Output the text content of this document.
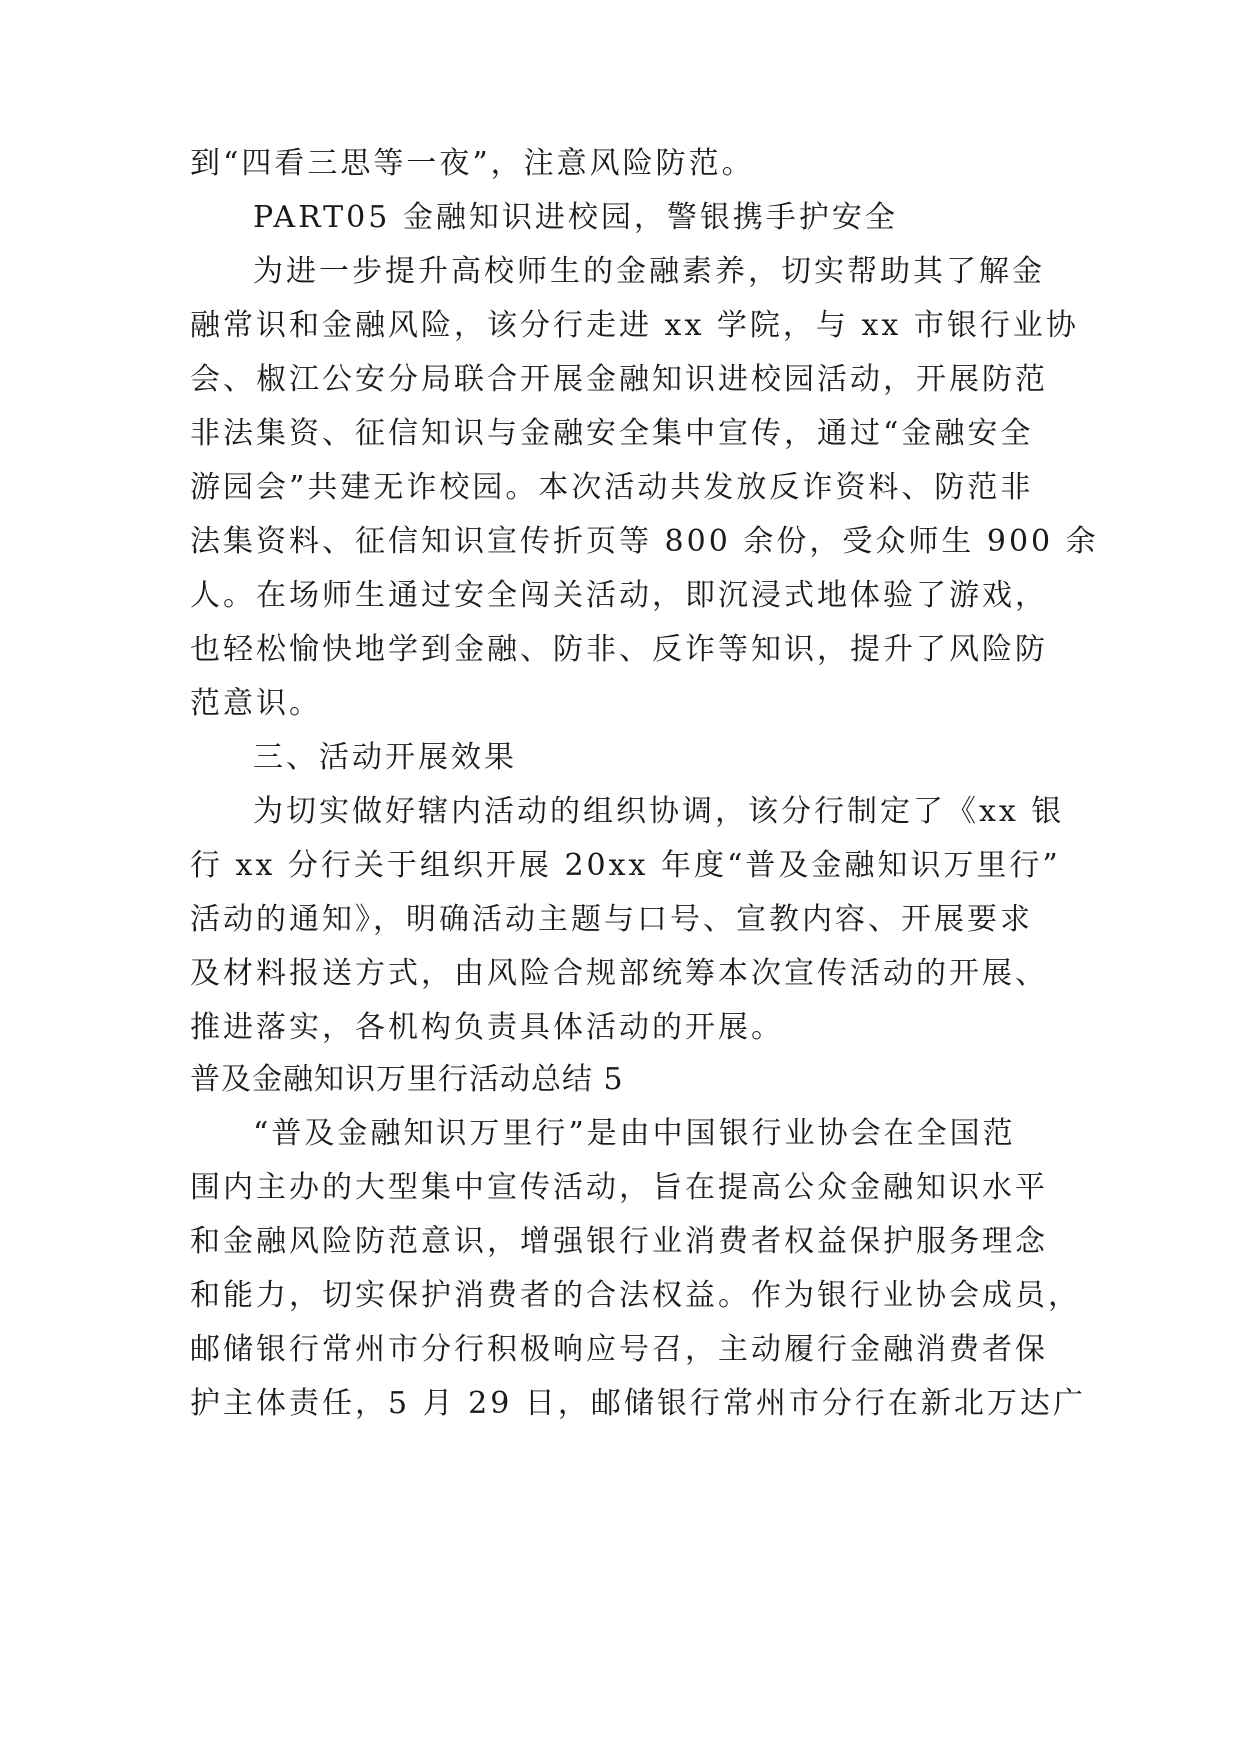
到“四看三思等一夜”，注意风险防范。
PART05 金融知识进校园，警银携手护安全
为进一步提升高校师生的金融素养，切实帮助其了解金
融常识和金融风险，该分行走进 xx 学院，与 xx 市银行业协
会、椒江公安分局联合开展金融知识进校园活动，开展防范
非法集资、征信知识与金融安全集中宣传，通过“金融安全
游园会”共建无诈校园。本次活动共发放反诈资料、防范非
法集资料、征信知识宣传折页等 800 余份，受众师生 900 余
人。在场师生通过安全闯关活动，即沉浸式地体验了游戏，
也轻松愉快地学到金融、防非、反诈等知识，提升了风险防
范意识。
三、活动开展效果
为切实做好辖内活动的组织协调，该分行制定了《xx 银
行 xx 分行关于组织开展 20xx 年度“普及金融知识万里行”
活动的通知》，明确活动主题与口号、宣教内容、开展要求
及材料报送方式，由风险合规部统筹本次宣传活动的开展、
推进落实，各机构负责具体活动的开展。
普及金融知识万里行活动总结 5
“普及金融知识万里行”是由中国银行业协会在全国范
围内主办的大型集中宣传活动，旨在提高公众金融知识水平
和金融风险防范意识，增强银行业消费者权益保护服务理念
和能力，切实保护消费者的合法权益。作为银行业协会成员，
邮储银行常州市分行积极响应号召，主动履行金融消费者保
护主体责任，5 月 29 日，邮储银行常州市分行在新北万达广
